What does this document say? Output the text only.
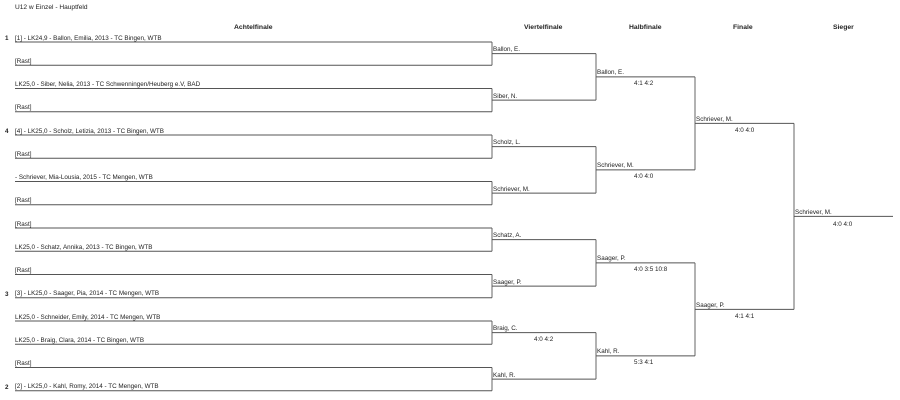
U12 w Einzel - Hauptfeld
Achtelfinale	Viertelfinale	Halbfinale	Finale	Sieger
1
4
3
2
[1] - LK24,9 - Ballon, Emilia, 2013 - TC Bingen, WTB
[Rast]
LK25,0 - Siber, Nelia, 2013 - TC Schwenningen/Heuberg e.V, BAD
[Rast]
[4] - LK25,0 - Scholz, Letizia, 2013 - TC Bingen, WTB
[Rast]
- Schriever, Mia-Lousia, 2015 - TC Mengen, WTB
[Rast]
[Rast]
LK25,0 - Schatz, Annika, 2013 - TC Bingen, WTB
[Rast]
[3] - LK25,0 - Saager, Pia, 2014 - TC Mengen, WTB
LK25,0 - Schneider, Emily, 2014 - TC Mengen, WTB
LK25,0 - Braig, Clara, 2014 - TC Bingen, WTB
[Rast]
[2] - LK25,0 - Kahl, Romy, 2014 - TC Mengen, WTB
Ballon, E.
Siber, N.
Scholz, L.
Schriever, M.
Schatz, A.
Saager, P.
Braig, C.
4:0 4:2
Kahl, R.
Ballon, E.
4:1 4:2
Schriever, M.
4:0 4:0
Saager, P.
4:0 3:5 10:8
Kahl, R.
5:3 4:1
Schriever, M.
4:0 4:0
Saager, P.
4:1 4:1
Schriever, M.
4:0 4:0
